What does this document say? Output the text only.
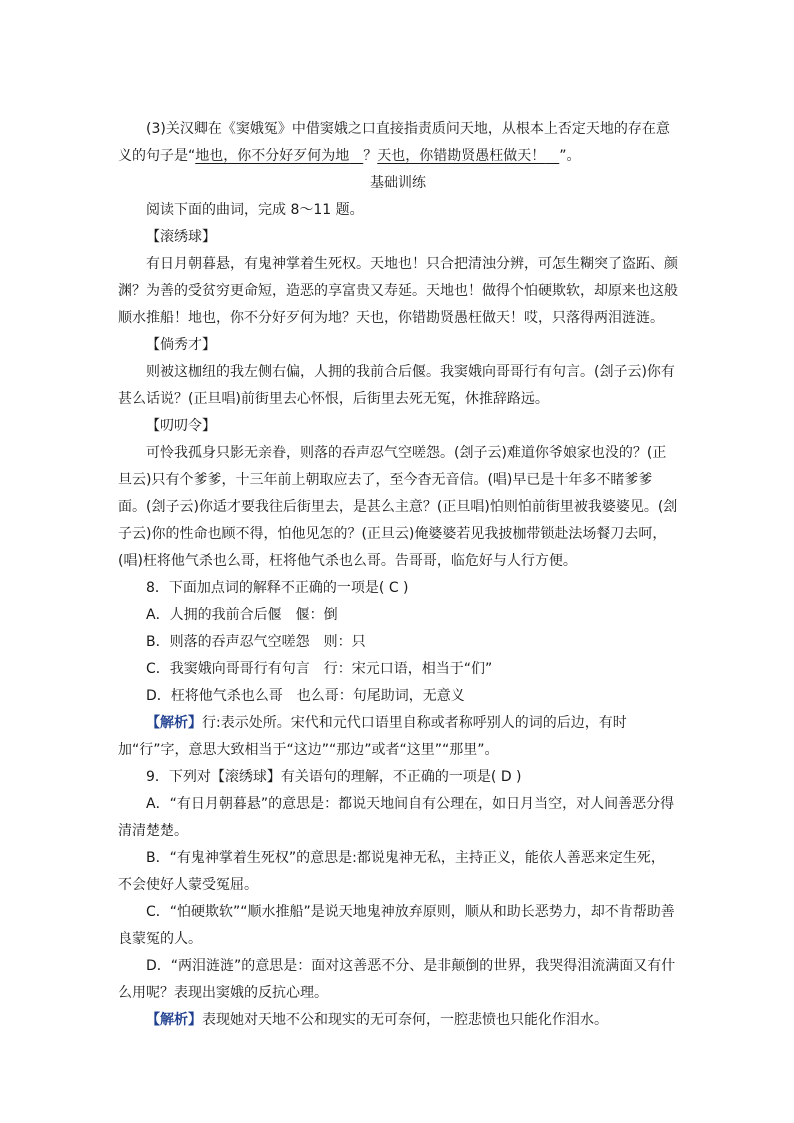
(3)关汉卿在《窦娥冤》中借窦娥之口直接指责质问天地，从根本上否定天地的存在意义的句子是“地也，你不分好歹何为地　 ？天也，你错勘贤愚枉做天！　 ”。

基础训练

阅读下面的曲词，完成 8～11 题。

【滚绣球】

有日月朝暮悬，有鬼神掌着生死权。天地也！只合把清浊分辨，可怎生糊突了盗跖、颜渊？为善的受贫穷更命短，造恶的享富贵又寿延。天地也！做得个怕硬欺软，却原来也这般顺水推船！地也，你不分好歹何为地？天也，你错勘贤愚枉做天！哎，只落得两泪涟涟。

【倘秀才】

则被这枷纽的我左侧右偏，人拥的我前合后偃。我窦娥向哥哥行有句言。(刽子云)你有甚么话说？(正旦唱)前街里去心怀恨，后街里去死无冤，休推辞路远。

【叨叨令】

可怜我孤身只影无亲眷，则落的吞声忍气空嗟怨。(刽子云)难道你爷娘家也没的？(正旦云)只有个爹爹，十三年前上朝取应去了，至今杳无音信。(唱)早已是十年多不睹爹爹面。(刽子云)你适才要我往后街里去，是甚么主意？(正旦唱)怕则怕前街里被我婆婆见。(刽子云)你的性命也顾不得，怕他见怎的？(正旦云)俺婆婆若见我披枷带锁赴法场餐刀去呵，(唱)枉将他气杀也么哥，枉将他气杀也么哥。告哥哥，临危好与人行方便。

8．下面加点词的解释不正确的一项是( C )

A．人拥的我前合后偃　偃：倒

B．则落的吞声忍气空嗟怨　则：只

C．我窦娥向哥哥行有句言　行：宋元口语，相当于“们”

D．枉将他气杀也么哥　也么哥：句尾助词，无意义

【解析】行:表示处所。宋代和元代口语里自称或者称呼别人的词的后边，有时加“行”字，意思大致相当于“这边”“那边”或者“这里”“那里”。

9．下列对【滚绣球】有关语句的理解，不正确的一项是( D )

A．“有日月朝暮悬”的意思是：都说天地间自有公理在，如日月当空，对人间善恶分得清清楚楚。

B．“有鬼神掌着生死权”的意思是:都说鬼神无私，主持正义，能依人善恶来定生死，不会使好人蒙受冤屈。

C．“怕硬欺软”“顺水推船”是说天地鬼神放弃原则，顺从和助长恶势力，却不肯帮助善良蒙冤的人。

D．“两泪涟涟”的意思是：面对这善恶不分、是非颠倒的世界，我哭得泪流满面又有什么用呢？表现出窦娥的反抗心理。

【解析】表现她对天地不公和现实的无可奈何，一腔悲愤也只能化作泪水。
